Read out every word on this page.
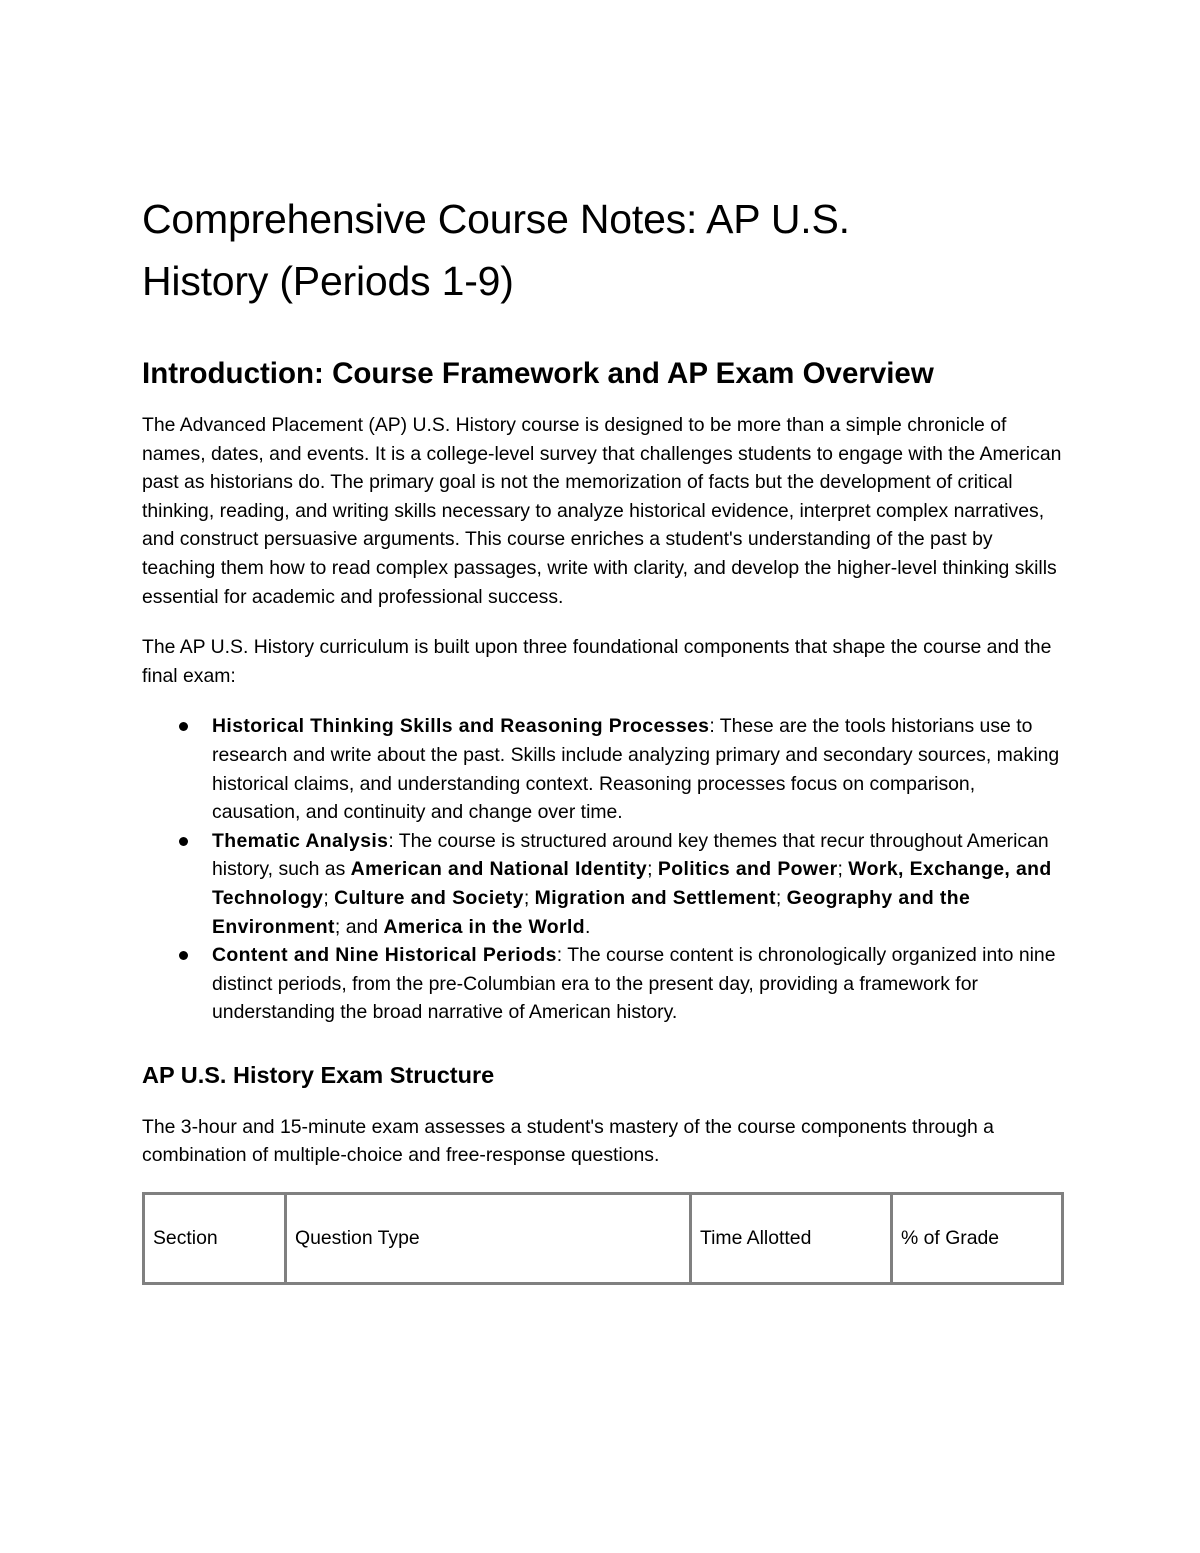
Comprehensive Course Notes: AP U.S.
History (Periods 1-9)
Introduction: Course Framework and AP Exam Overview

The Advanced Placement (AP) U.S. History course is designed to be more than a simple chronicle of names, dates, and events. It is a college-level survey that challenges students to engage with the American past as historians do. The primary goal is not the memorization of facts but the development of critical thinking, reading, and writing skills necessary to analyze historical evidence, interpret complex narratives, and construct persuasive arguments. This course enriches a student's understanding of the past by teaching them how to read complex passages, write with clarity, and develop the higher-level thinking skills essential for academic and professional success.

The AP U.S. History curriculum is built upon three foundational components that shape the course and the final exam:

Historical Thinking Skills and Reasoning Processes: These are the tools historians use to research and write about the past. Skills include analyzing primary and secondary sources, making historical claims, and understanding context. Reasoning processes focus on comparison, causation, and continuity and change over time.
Thematic Analysis: The course is structured around key themes that recur throughout American history, such as American and National Identity; Politics and Power; Work, Exchange, and Technology; Culture and Society; Migration and Settlement; Geography and the Environment; and America in the World.
Content and Nine Historical Periods: The course content is chronologically organized into nine distinct periods, from the pre-Columbian era to the present day, providing a framework for understanding the broad narrative of American history.
AP U.S. History Exam Structure

The 3-hour and 15-minute exam assesses a student's mastery of the course components through a combination of multiple-choice and free-response questions.

Section	Question Type	Time Allotted	% of Grade
